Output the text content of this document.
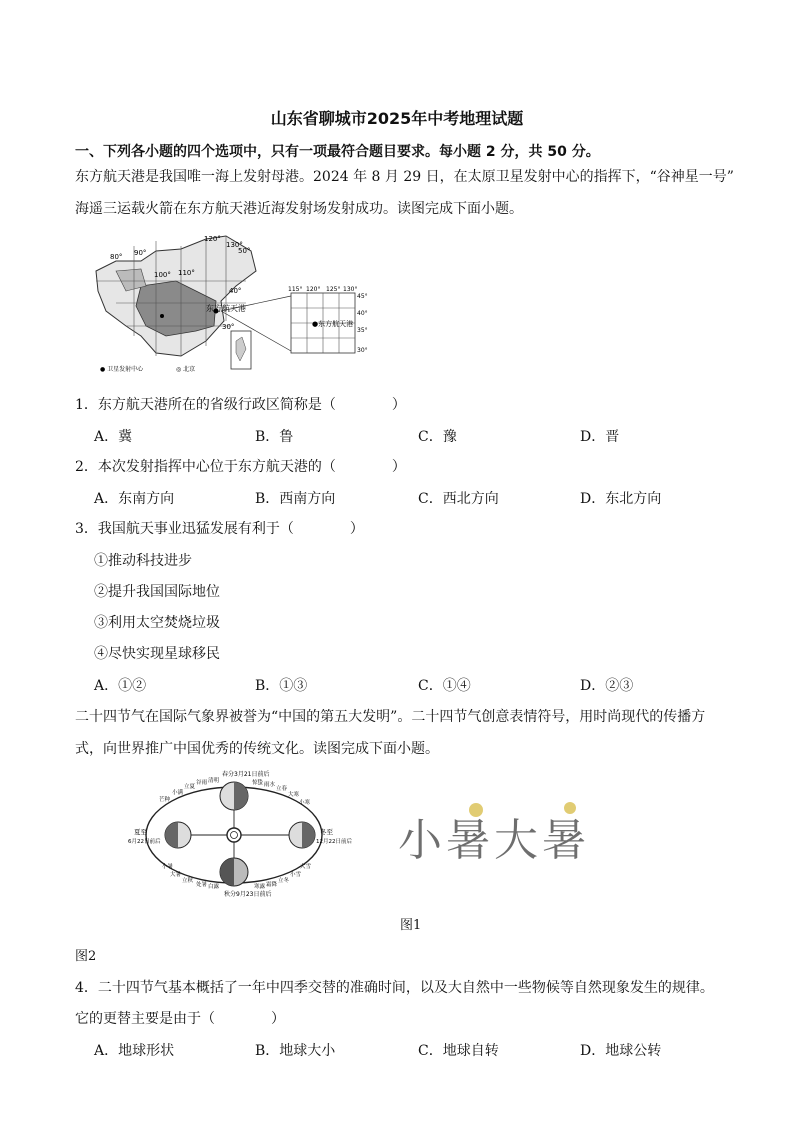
山东省聊城市2025年中考地理试题
一、下列各小题的四个选项中，只有一项最符合题目要求。每小题 2 分，共 50 分。
东方航天港是我国唯一海上发射母港。2024 年 8 月 29 日，在太原卫星发射中心的指挥下，“谷神星一号”
海遥三运载火箭在东方航天港近海发射场发射成功。读图完成下面小题。
120°
130°
80° 90°
100° 110°
40°
50°
30°
东方航天港
115° 120° 125° 130°
45°
40°
35°
30°
●东方航天港
● 卫星发射中心	◎ 北京
1．东方航天港所在的省级行政区简称是（　　　　）
A．冀	B．鲁	C．豫	D．晋
2．本次发射指挥中心位于东方航天港的（　　　　）
A．东南方向	B．西南方向	C．西北方向	D．东北方向
3．我国航天事业迅猛发展有利于（　　　　）
①推动科技进步
②提升我国国际地位
③利用太空焚烧垃圾
④尽快实现星球移民
A．①②	B．①③	C．①④	D．②③
二十四节气在国际气象界被誉为“中国的第五大发明”。二十四节气创意表情符号，用时尚现代的传播方
式，向世界推广中国优秀的传统文化。读图完成下面小题。
春分3月21日前后
夏至
6月22日前后
冬至
12月22日前后
秋分9月23日前后
芒种
小满
立夏
谷雨 清明	惊蛰 雨水
立春
大寒
小寒
小暑
大暑
立秋
处暑 白露	寒露 霜降
立冬
小雪
大雪
小暑大暑
图1
图2
4．二十四节气基本概括了一年中四季交替的准确时间，以及大自然中一些物候等自然现象发生的规律。
它的更替主要是由于（　　　　）
A．地球形状	B．地球大小	C．地球自转	D．地球公转
